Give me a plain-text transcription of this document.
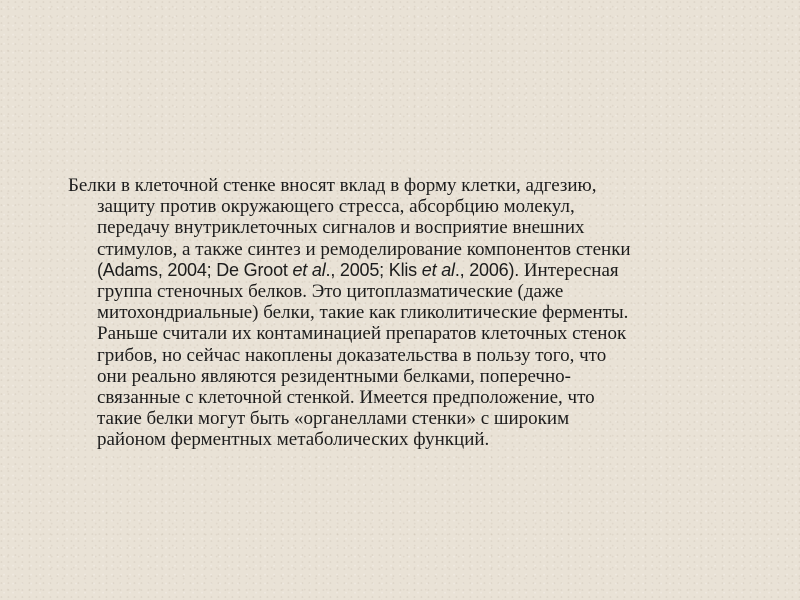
Белки в клеточной стенке вносят вклад в форму клетки, адгезию,
защиту против окружающего стресса, абсорбцию молекул,
передачу внутриклеточных сигналов и восприятие внешних
стимулов, а также синтез и ремоделирование компонентов стенки
(Adams, 2004; De Groot et al., 2005; Klis et al., 2006). Интересная
группа стеночных белков. Это цитоплазматические (даже
митохондриальные) белки, такие как гликолитические ферменты.
Раньше считали их контаминацией препаратов клеточных стенок
грибов, но сейчас накоплены доказательства в пользу того, что
они реально являются резидентными белками, поперечно-
связанные с клеточной стенкой. Имеется предположение, что
такие белки могут быть «органеллами стенки» с широким
районом ферментных метаболических функций.
